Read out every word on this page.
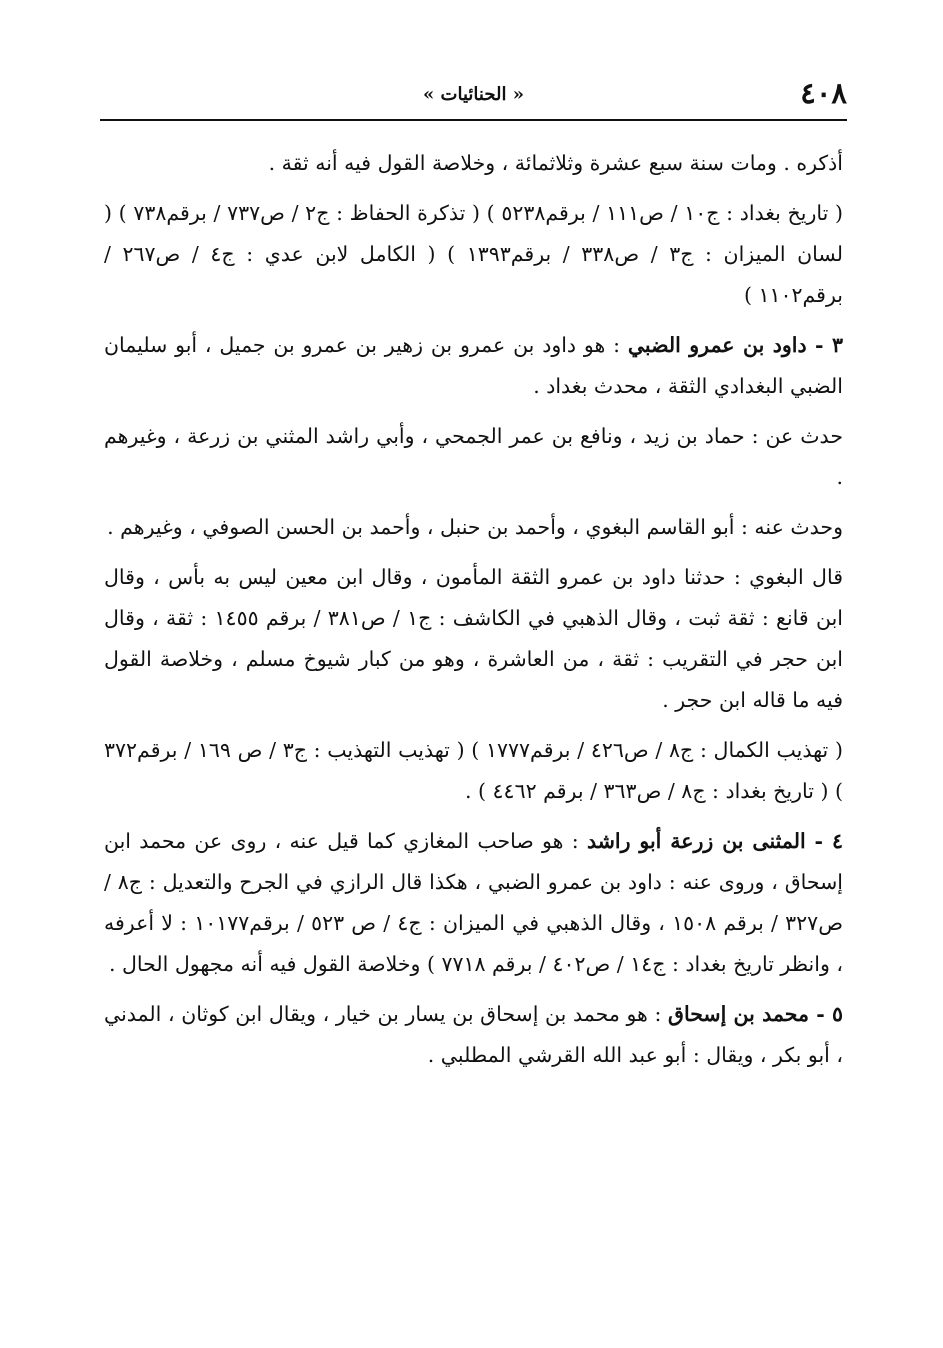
٤٠٨
« الحنائيات »

أذكره . ومات سنة سبع عشرة وثلاثمائة ، وخلاصة القول فيه أنه ثقة .

( تاريخ بغداد : ج١٠ / ص١١١ / برقم٥٢٣٨ ) ( تذكرة الحفاظ : ج٢ / ص٧٣٧ / برقم٧٣٨ ) ( لسان الميزان : ج٣ / ص٣٣٨ / برقم١٣٩٣ ) ( الكامل لابن عدي : ج٤ / ص٢٦٧ / برقم١١٠٢ )

٣ - داود بن عمرو الضبي : هو داود بن عمرو بن زهير بن عمرو بن جميل ، أبو سليمان الضبي البغدادي الثقة ، محدث بغداد .

حدث عن : حماد بن زيد ، ونافع بن عمر الجمحي ، وأبي راشد المثني بن زرعة ، وغيرهم .

وحدث عنه : أبو القاسم البغوي ، وأحمد بن حنبل ، وأحمد بن الحسن الصوفي ، وغيرهم .

قال البغوي : حدثنا داود بن عمرو الثقة المأمون ، وقال ابن معين ليس به بأس ، وقال ابن قانع : ثقة ثبت ، وقال الذهبي في الكاشف : ج١ / ص٣٨١ / برقم ١٤٥٥ : ثقة ، وقال ابن حجر في التقريب : ثقة ، من العاشرة ، وهو من كبار شيوخ مسلم ، وخلاصة القول فيه ما قاله ابن حجر .

( تهذيب الكمال : ج٨ / ص٤٢٦ / برقم١٧٧٧ ) ( تهذيب التهذيب : ج٣ / ص ١٦٩ / برقم٣٧٢ ) ( تاريخ بغداد : ج٨ / ص٣٦٣ / برقم ٤٤٦٢ ) .

٤ - المثنى بن زرعة أبو راشد : هو صاحب المغازي كما قيل عنه ، روى عن محمد ابن إسحاق ، وروى عنه : داود بن عمرو الضبي ، هكذا قال الرازي في الجرح والتعديل : ج٨ / ص٣٢٧ / برقم ١٥٠٨ ، وقال الذهبي في الميزان : ج٤ / ص ٥٢٣ / برقم١٠١٧٧ : لا أعرفه ، وانظر تاريخ بغداد : ج١٤ / ص٤٠٢ / برقم ٧٧١٨ ) وخلاصة القول فيه أنه مجهول الحال .

٥ - محمد بن إسحاق : هو محمد بن إسحاق بن يسار بن خيار ، ويقال ابن كوثان ، المدني ، أبو بكر ، ويقال : أبو عبد الله القرشي المطلبي .
